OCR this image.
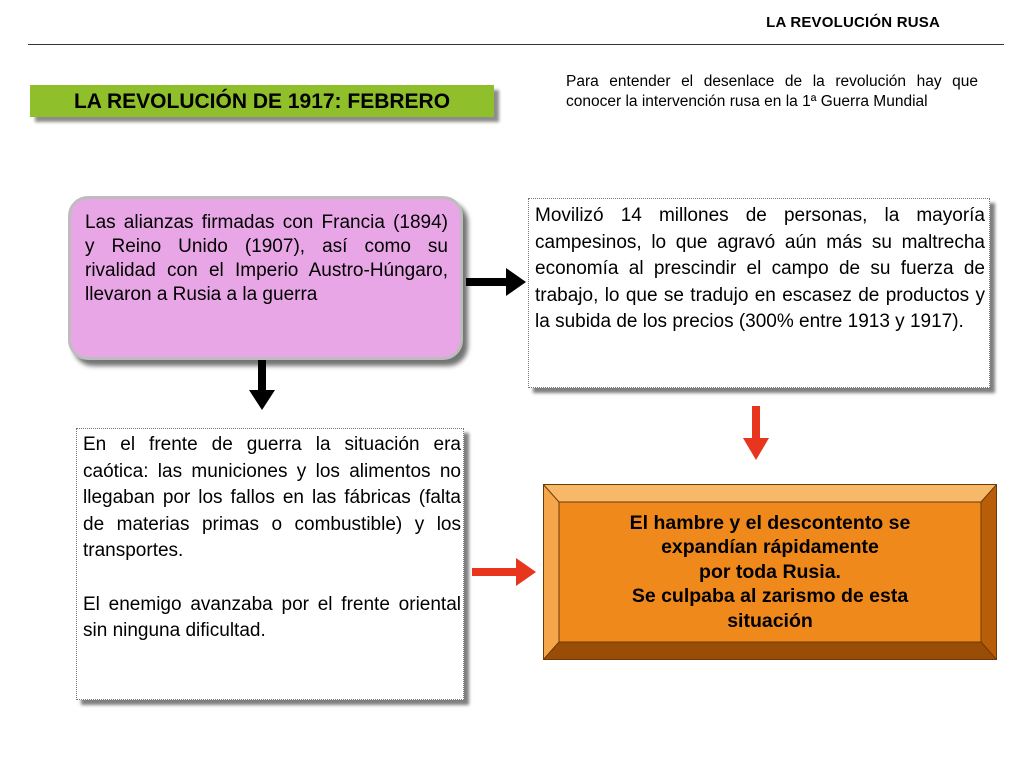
LA REVOLUCIÓN RUSA
Para entender el desenlace de la revolución hay que conocer la intervención rusa en la 1ª Guerra Mundial
LA REVOLUCIÓN DE 1917: FEBRERO
Las alianzas firmadas con Francia (1894) y Reino Unido (1907), así como su rivalidad con el Imperio Austro-Húngaro, llevaron a Rusia a la guerra
Movilizó 14 millones de personas, la mayoría campesinos, lo que agravó aún más su maltrecha economía al prescindir el campo de su fuerza de trabajo, lo que se tradujo en escasez de productos y la subida de los precios (300% entre 1913 y 1917).

En el frente de guerra la situación era caótica: las municiones y los alimentos no llegaban por los fallos en las fábricas (falta de materias primas o combustible) y los transportes.

El enemigo avanzaba por el frente oriental sin ninguna dificultad.

El hambre y el descontento se
expandían rápidamente
por toda Rusia.
Se culpaba al zarismo de esta
situación
